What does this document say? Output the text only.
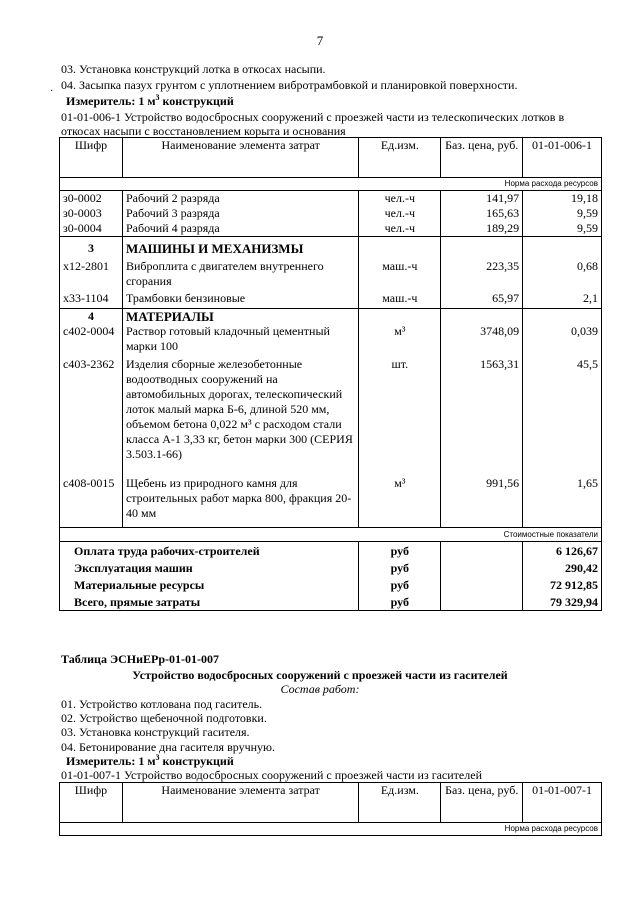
7
·
03. Установка конструкций лотка в откосах насыпи.
04. Засыпка пазух грунтом с уплотнением вибротрамбовкой и планировкой поверхности.
Измеритель: 1 $м^3$ конструкций
01-01-006-1 Устройство водосбросных сооружений с проезжей части из телескопических лотков в
откосах насыпи с восстановлением корыта и основания
Шифр	Наименование элемента затрат	Ед.изм.	Баз. цена, руб.	01-01-006-1
Норма расхода ресурсов				
з0-0002	Рабочий 2 разряда	чел.-ч	141,97	19,18
з0-0003	Рабочий 3 разряда	чел.-ч	165,63	9,59
з0-0004	Рабочий 4 разряда	чел.-ч	189,29	9,59
3	МАШИНЫ И МЕХАНИЗМЫ			
х12-2801	Виброплита с двигателем внутреннего сгорания	маш.-ч	223,35	0,68
х33-1104	Трамбовки бензиновые	маш.-ч	65,97	2,1
4	МАТЕРИАЛЫ			
с402-0004	Раствор готовый кладочный цементный марки 100	м³	3748,09	0,039
с403-2362	Изделия сборные железобетонные водоотводных сооружений на автомобильных дорогах, телескопический лоток малый марка Б-6, длиной 520 мм, объемом бетона 0,022 м³ с расходом стали класса А-1 3,33 кг, бетон марки 300 (СЕРИЯ 3.503.1-66)	шт.	1563,31	45,5
с408-0015	Щебень из природного камня для строительных работ марка 800, фракция 20-40 мм	м³	991,56	1,65
Стоимостные показатели				
Оплата труда рабочих-строителей		руб		6 126,67
Эксплуатация машин		руб		290,42
Материальные ресурсы		руб		72 912,85
Всего, прямые затраты		руб		79 329,94
Таблица ЭСНиЕРр-01-01-007
Устройство водосбросных сооружений с проезжей части из гасителей
Состав работ:
01. Устройство котлована под гаситель.
02. Устройство щебеночной подготовки.
03. Установка конструкций гасителя.
04. Бетонирование дна гасителя вручную.
Измеритель: 1 $м^3$ конструкций
01-01-007-1 Устройство водосбросных сооружений с проезжей части из гасителей
Шифр	Наименование элемента затрат	Ед.изм.	Баз. цена, руб.	01-01-007-1
Норма расхода ресурсов
